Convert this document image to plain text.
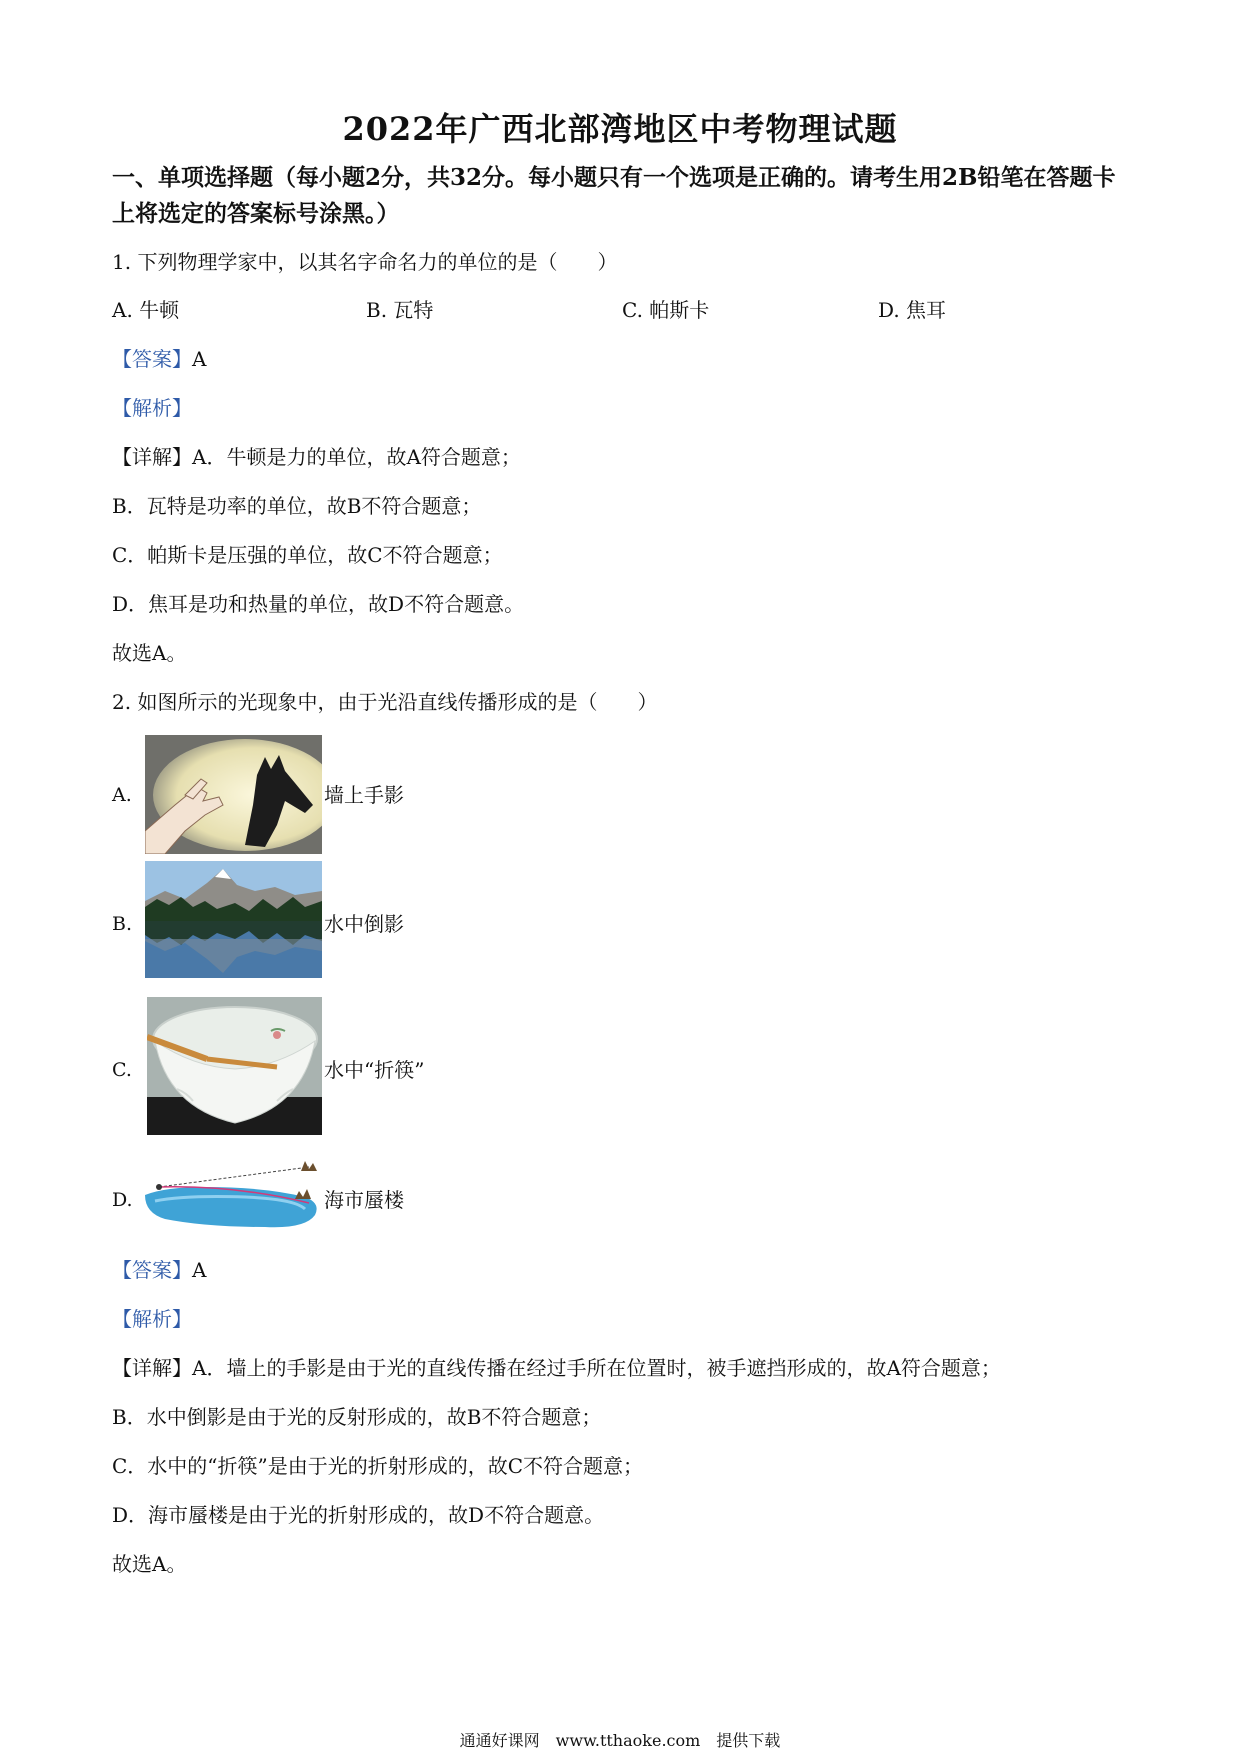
2022年广西北部湾地区中考物理试题
一、单项选择题（每小题2分，共32分。每小题只有一个选项是正确的。请考生用2B铅笔在答题卡上将选定的答案标号涂黑。）
1. 下列物理学家中，以其名字命名力的单位的是（　　）
A. 牛顿	B. 瓦特	C. 帕斯卡	D. 焦耳
【答案】A
【解析】
【详解】A．牛顿是力的单位，故A符合题意；
B．瓦特是功率的单位，故B不符合题意；
C．帕斯卡是压强的单位，故C不符合题意；
D．焦耳是功和热量的单位，故D不符合题意。
故选A。
2. 如图所示的光现象中，由于光沿直线传播形成的是（　　）
A.	墙上手影
B.	水中倒影
C.	水中“折筷”
D.	海市蜃楼
【答案】A
【解析】
【详解】A．墙上的手影是由于光的直线传播在经过手所在位置时，被手遮挡形成的，故A符合题意；
B．水中倒影是由于光的反射形成的，故B不符合题意；
C．水中的“折筷”是由于光的折射形成的，故C不符合题意；
D．海市蜃楼是由于光的折射形成的，故D不符合题意。
故选A。
通通好课网　www.tthaoke.com　提供下载
